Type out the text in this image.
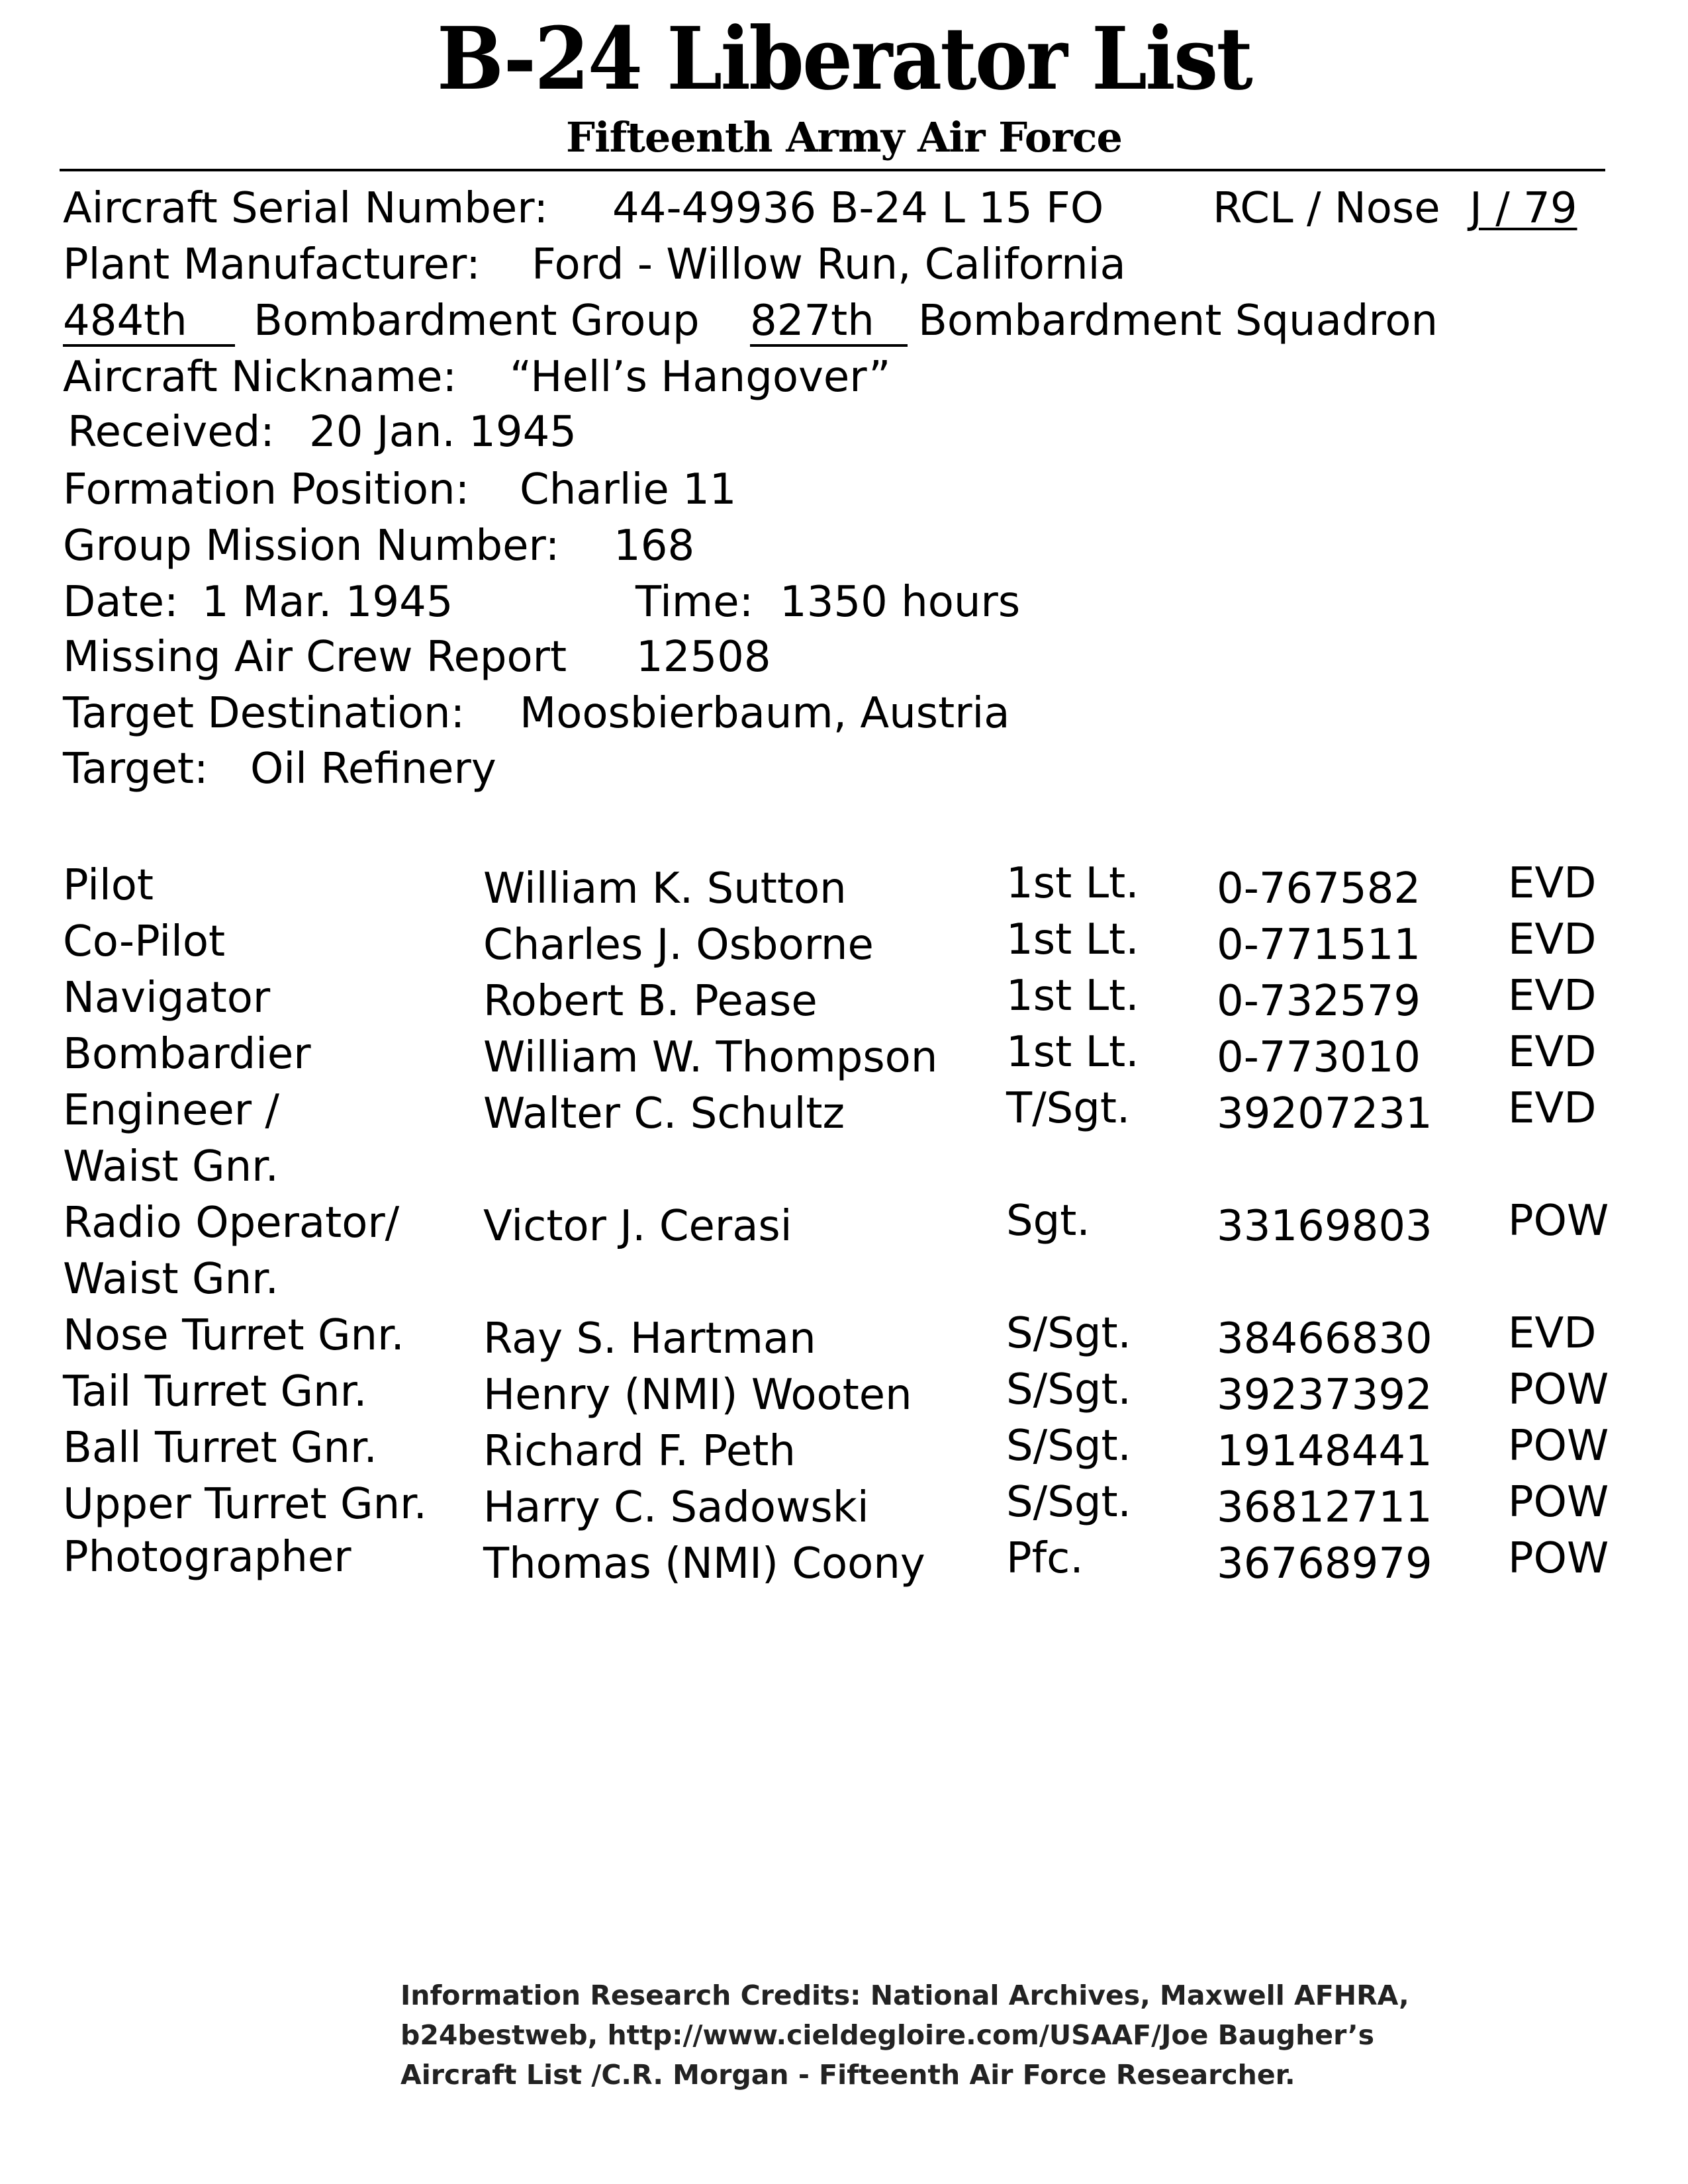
B-24 Liberator List
Fifteenth Army Air Force
Aircraft Serial Number: 44-49936 B-24 L 15 FO	RCL / Nose J / 79
Plant Manufacturer: Ford - Willow Run, California
484th	Bombardment Group 827th	Bombardment Squadron
Aircraft Nickname: “Hell’s Hangover”
Received: 20 Jan. 1945
Formation Position: Charlie 11
Group Mission Number: 168
Date: 1 Mar. 1945	Time: 1350 hours
Missing Air Crew Report 12508
Target Destination: Moosbierbaum, Austria
Target: Oil Refinery
Pilot	William K. Sutton	1st Lt. 0-767582 EVD
Co-Pilot	Charles J. Osborne	1st Lt. 0-771511 EVD
Navigator	Robert B. Pease	1st Lt. 0-732579 EVD
Bombardier	William W. Thompson 1st Lt. 0-773010 EVD
Engineer /
Waist Gnr.
Walter C. Schultz	T/Sgt. 39207231 EVD
Radio Operator/
Waist Gnr.
Victor J. Cerasi	Sgt.	33169803 POW
Nose Turret Gnr. Ray S. Hartman	S/Sgt. 38466830 EVD
Tail Turret Gnr.	Henry (NMI) Wooten S/Sgt. 39237392 POW
Ball Turret Gnr.	Richard F. Peth	S/Sgt. 19148441 POW
Upper Turret Gnr. Harry C. Sadowski	S/Sgt. 36812711 POW
Photographer	Thomas (NMI) Coony Pfc.	36768979 POW
Information Research Credits: National Archives, Maxwell AFHRA,
b24bestweb, http://www.cieldegloire.com/USAAF/Joe Baugher’s
Aircraft List /C.R. Morgan - Fifteenth Air Force Researcher.
